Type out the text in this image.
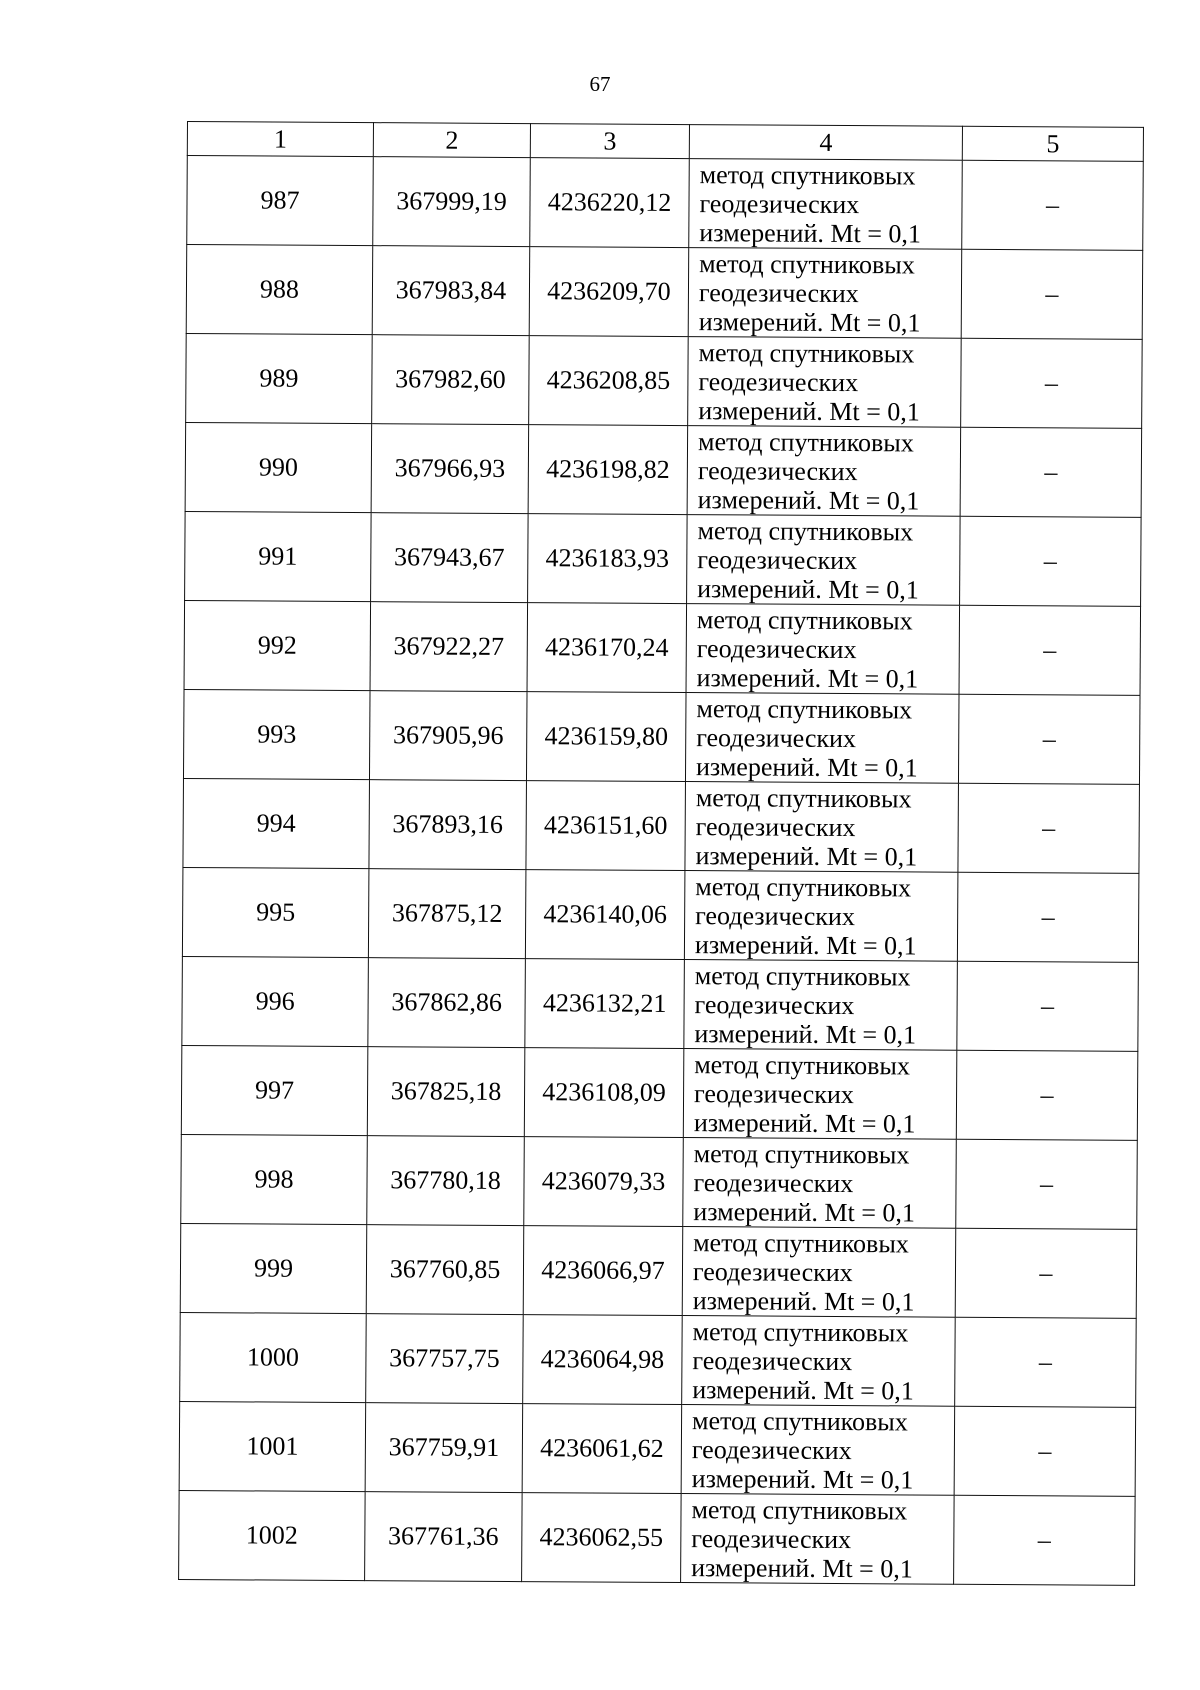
67
1	2	3	4	5
987	367999,19	4236220,12	метод спутниковых
геодезических
измерений. Mt = 0,1	–
988	367983,84	4236209,70	метод спутниковых
геодезических
измерений. Mt = 0,1	–
989	367982,60	4236208,85	метод спутниковых
геодезических
измерений. Mt = 0,1	–
990	367966,93	4236198,82	метод спутниковых
геодезических
измерений. Mt = 0,1	–
991	367943,67	4236183,93	метод спутниковых
геодезических
измерений. Mt = 0,1	–
992	367922,27	4236170,24	метод спутниковых
геодезических
измерений. Mt = 0,1	–
993	367905,96	4236159,80	метод спутниковых
геодезических
измерений. Mt = 0,1	–
994	367893,16	4236151,60	метод спутниковых
геодезических
измерений. Mt = 0,1	–
995	367875,12	4236140,06	метод спутниковых
геодезических
измерений. Mt = 0,1	–
996	367862,86	4236132,21	метод спутниковых
геодезических
измерений. Mt = 0,1	–
997	367825,18	4236108,09	метод спутниковых
геодезических
измерений. Mt = 0,1	–
998	367780,18	4236079,33	метод спутниковых
геодезических
измерений. Mt = 0,1	–
999	367760,85	4236066,97	метод спутниковых
геодезических
измерений. Mt = 0,1	–
1000	367757,75	4236064,98	метод спутниковых
геодезических
измерений. Mt = 0,1	–
1001	367759,91	4236061,62	метод спутниковых
геодезических
измерений. Mt = 0,1	–
1002	367761,36	4236062,55	метод спутниковых
геодезических
измерений. Mt = 0,1	–
